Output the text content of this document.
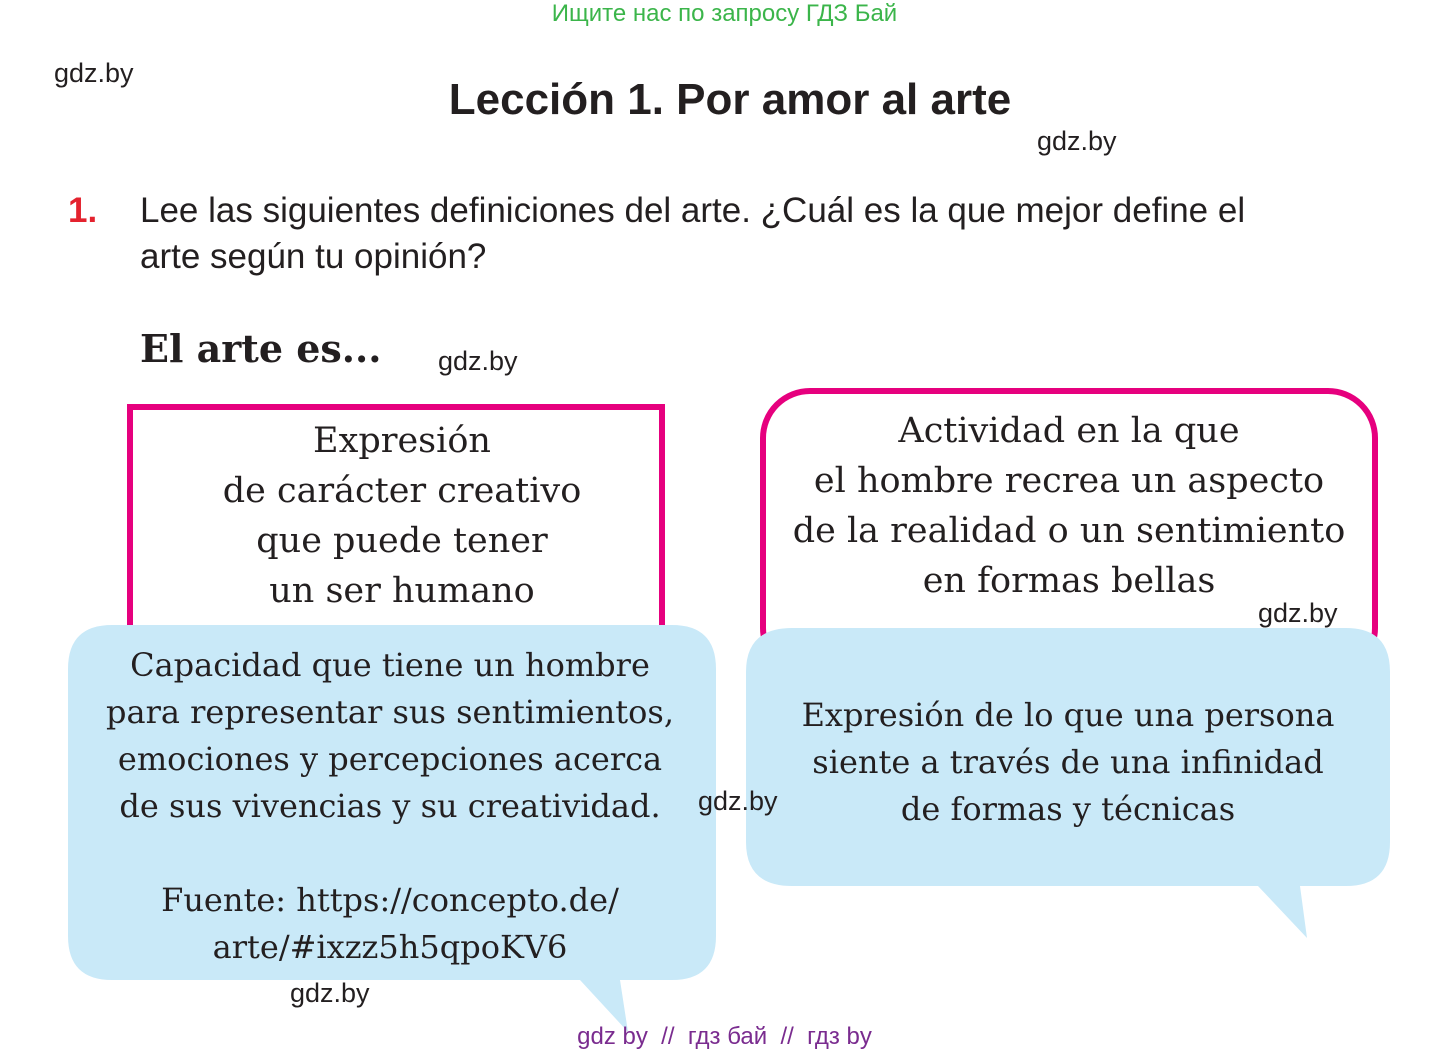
Ищите нас по запросу ГДЗ Бай
gdz.by
Lección 1. Por amor al arte
gdz.by
1. Lee las siguientes definiciones del arte. ¿Cuál es la que mejor define el
arte según tu opinión?
El arte es... gdz.by
Expresión
de carácter creativo
que puede tener
un ser humano
Actividad en la que
el hombre recrea un aspecto
de la realidad o un sentimiento
en formas bellas
gdz.by
Capacidad que tiene un hombre
para representar sus sentimientos,
emociones y percepciones acerca
de sus vivencias y su creatividad.
Fuente: https://concepto.de/
arte/#ixzz5h5qpoKV6
Expresión de lo que una persona
siente a través de una infinidad
de formas y técnicas
gdz.by
gdz.by
gdz by  //  гдз бай  //  гдз by
